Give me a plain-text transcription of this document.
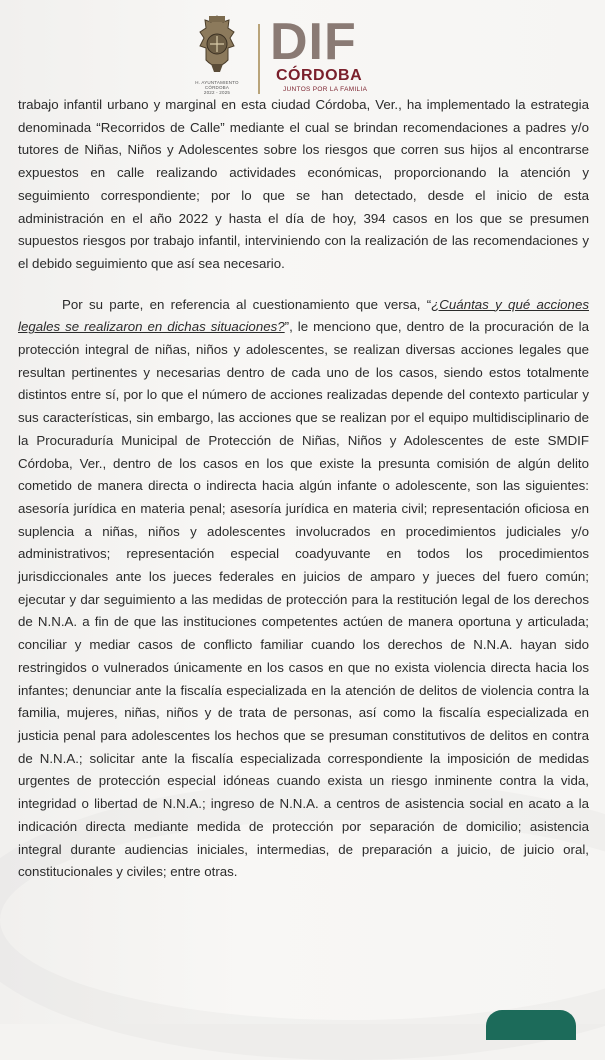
H. AYUNTAMIENTO
CÓRDOBA
2022 - 2025
DIF
CÓRDOBA
JUNTOS POR LA FAMILIA

trabajo infantil urbano y marginal en esta ciudad Córdoba, Ver., ha implementado la estrategia denominada “Recorridos de Calle” mediante el cual se brindan recomendaciones a padres y/o tutores de Niñas, Niños y Adolescentes sobre los riesgos que corren sus hijos al encontrarse expuestos en calle realizando actividades económicas, proporcionando la atención y seguimiento correspondiente; por lo que se han detectado, desde el inicio de esta administración en el año 2022 y hasta el día de hoy, 394 casos en los que se presumen supuestos riesgos por trabajo infantil, interviniendo con la realización de las recomendaciones y el debido seguimiento que así sea necesario.

Por su parte, en referencia al cuestionamiento que versa, “¿Cuántas y qué acciones legales se realizaron en dichas situaciones?”, le menciono que, dentro de la procuración de la protección integral de niñas, niños y adolescentes, se realizan diversas acciones legales que resultan pertinentes y necesarias dentro de cada uno de los casos, siendo estos totalmente distintos entre sí, por lo que el número de acciones realizadas depende del contexto particular y sus características, sin embargo, las acciones que se realizan por el equipo multidisciplinario de la Procuraduría Municipal de Protección de Niñas, Niños y Adolescentes de este SMDIF Córdoba, Ver., dentro de los casos en los que existe la presunta comisión de algún delito cometido de manera directa o indirecta hacia algún infante o adolescente, son las siguientes: asesoría jurídica en materia penal; asesoría jurídica en materia civil; representación oficiosa en suplencia a niñas, niños y adolescentes involucrados en procedimientos judiciales y/o administrativos; representación especial coadyuvante en todos los procedimientos jurisdiccionales ante los jueces federales en juicios de amparo y jueces del fuero común; ejecutar y dar seguimiento a las medidas de protección para la restitución legal de los derechos de N.N.A. a fin de que las instituciones competentes actúen de manera oportuna y articulada; conciliar y mediar casos de conflicto familiar cuando los derechos de N.N.A. hayan sido restringidos o vulnerados únicamente en los casos en que no exista violencia directa hacia los infantes; denunciar ante la fiscalía especializada en la atención de delitos de violencia contra la familia, mujeres, niñas, niños y de trata de personas, así como la fiscalía especializada en justicia penal para adolescentes los hechos que se presuman constitutivos de delitos en contra de N.N.A.; solicitar ante la fiscalía especializada correspondiente la imposición de medidas urgentes de protección especial idóneas cuando exista un riesgo inminente contra la vida, integridad o libertad de N.N.A.; ingreso de N.N.A. a centros de asistencia social en acato a la indicación directa mediante medida de protección por separación de domicilio; asistencia integral durante audiencias iniciales, intermedias, de preparación a juicio, de juicio oral, constitucionales y civiles; entre otras.
